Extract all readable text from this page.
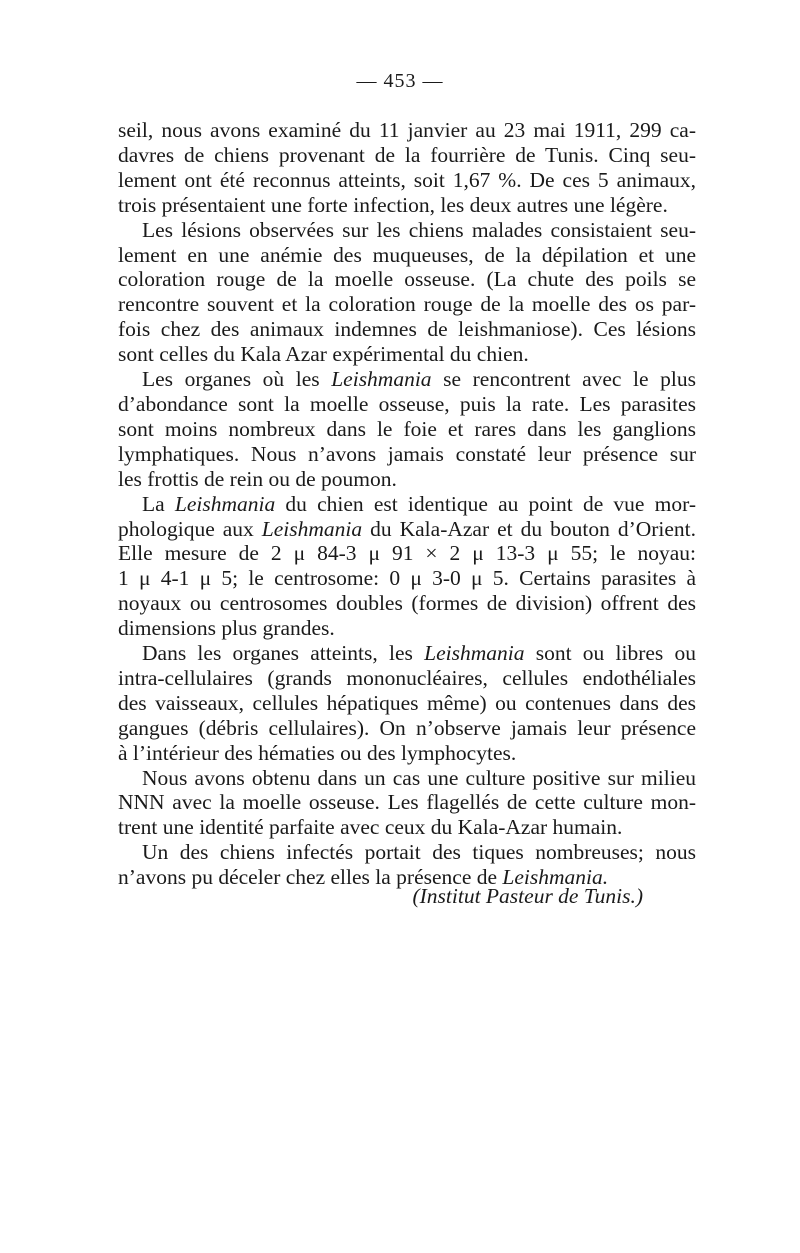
— 453 —

seil, nous avons examiné du 11 janvier au 23 mai 1911, 299 ca-
davres de chiens provenant de la fourrière de Tunis. Cinq seu-
lement ont été reconnus atteints, soit 1,67 %. De ces 5 animaux,
trois présentaient une forte infection, les deux autres une légère.

Les lésions observées sur les chiens malades consistaient seu-
lement en une anémie des muqueuses, de la dépilation et une
coloration rouge de la moelle osseuse. (La chute des poils se
rencontre souvent et la coloration rouge de la moelle des os par-
fois chez des animaux indemnes de leishmaniose). Ces lésions
sont celles du Kala Azar expérimental du chien.

Les organes où les Leishmania se rencontrent avec le plus
d’abondance sont la moelle osseuse, puis la rate. Les parasites
sont moins nombreux dans le foie et rares dans les ganglions
lymphatiques. Nous n’avons jamais constaté leur présence sur
les frottis de rein ou de poumon.

La Leishmania du chien est identique au point de vue mor-
phologique aux Leishmania du Kala-Azar et du bouton d’Orient.
Elle mesure de 2 μ 84-3 μ 91 × 2 μ 13-3 μ 55; le noyau:
1 μ 4-1 μ 5; le centrosome: 0 μ 3-0 μ 5. Certains parasites à
noyaux ou centrosomes doubles (formes de division) offrent des
dimensions plus grandes.

Dans les organes atteints, les Leishmania sont ou libres ou
intra-cellulaires (grands mononucléaires, cellules endothéliales
des vaisseaux, cellules hépatiques même) ou contenues dans des
gangues (débris cellulaires). On n’observe jamais leur présence
à l’intérieur des hématies ou des lymphocytes.

Nous avons obtenu dans un cas une culture positive sur milieu
NNN avec la moelle osseuse. Les flagellés de cette culture mon-
trent une identité parfaite avec ceux du Kala-Azar humain.

Un des chiens infectés portait des tiques nombreuses; nous
n’avons pu déceler chez elles la présence de Leishmania.

(Institut Pasteur de Tunis.)
